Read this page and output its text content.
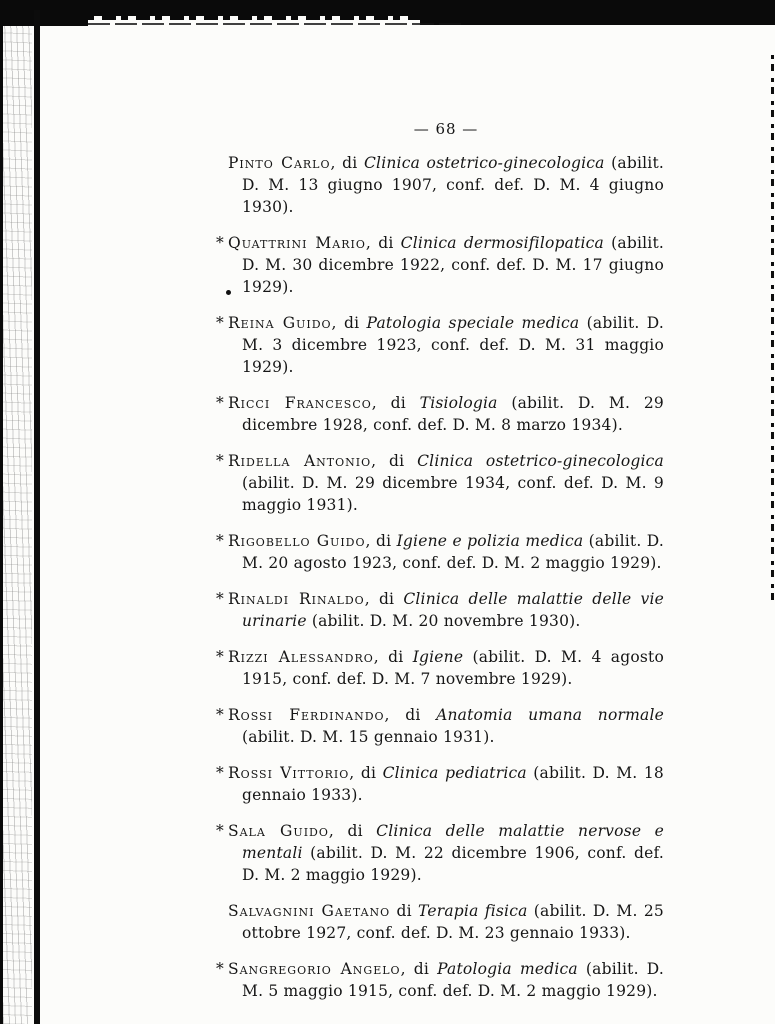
— 68 —

Pinto Carlo, di Clinica ostetrico-ginecologica (abilit. D. M. 13 giugno 1907, conf. def. D. M. 4 giugno 1930).

* Quattrini Mario, di Clinica dermosifilopatica (abilit. D. M. 30 dicembre 1922, conf. def. D. M. 17 giugno 1929).

* Reina Guido, di Patologia speciale medica (abilit. D. M. 3 dicembre 1923, conf. def. D. M. 31 maggio 1929).

* Ricci Francesco, di Tisiologia (abilit. D. M. 29 dicembre 1928, conf. def. D. M. 8 marzo 1934).

* Ridella Antonio, di Clinica ostetrico-ginecologica (abilit. D. M. 29 dicembre 1934, conf. def. D. M. 9 maggio 1931).

* Rigobello Guido, di Igiene e polizia medica (abilit. D. M. 20 agosto 1923, conf. def. D. M. 2 maggio 1929).

* Rinaldi Rinaldo, di Clinica delle malattie delle vie urinarie (abilit. D. M. 20 novembre 1930).

* Rizzi Alessandro, di Igiene (abilit. D. M. 4 agosto 1915, conf. def. D. M. 7 novembre 1929).

* Rossi Ferdinando, di Anatomia umana normale (abilit. D. M. 15 gennaio 1931).

* Rossi Vittorio, di Clinica pediatrica (abilit. D. M. 18 gennaio 1933).

* Sala Guido, di Clinica delle malattie nervose e mentali (abilit. D. M. 22 dicembre 1906, conf. def. D. M. 2 maggio 1929).

Salvagnini Gaetano di Terapia fisica (abilit. D. M. 25 ottobre 1927, conf. def. D. M. 23 gennaio 1933).

* Sangregorio Angelo, di Patologia medica (abilit. D. M. 5 maggio 1915, conf. def. D. M. 2 maggio 1929).
